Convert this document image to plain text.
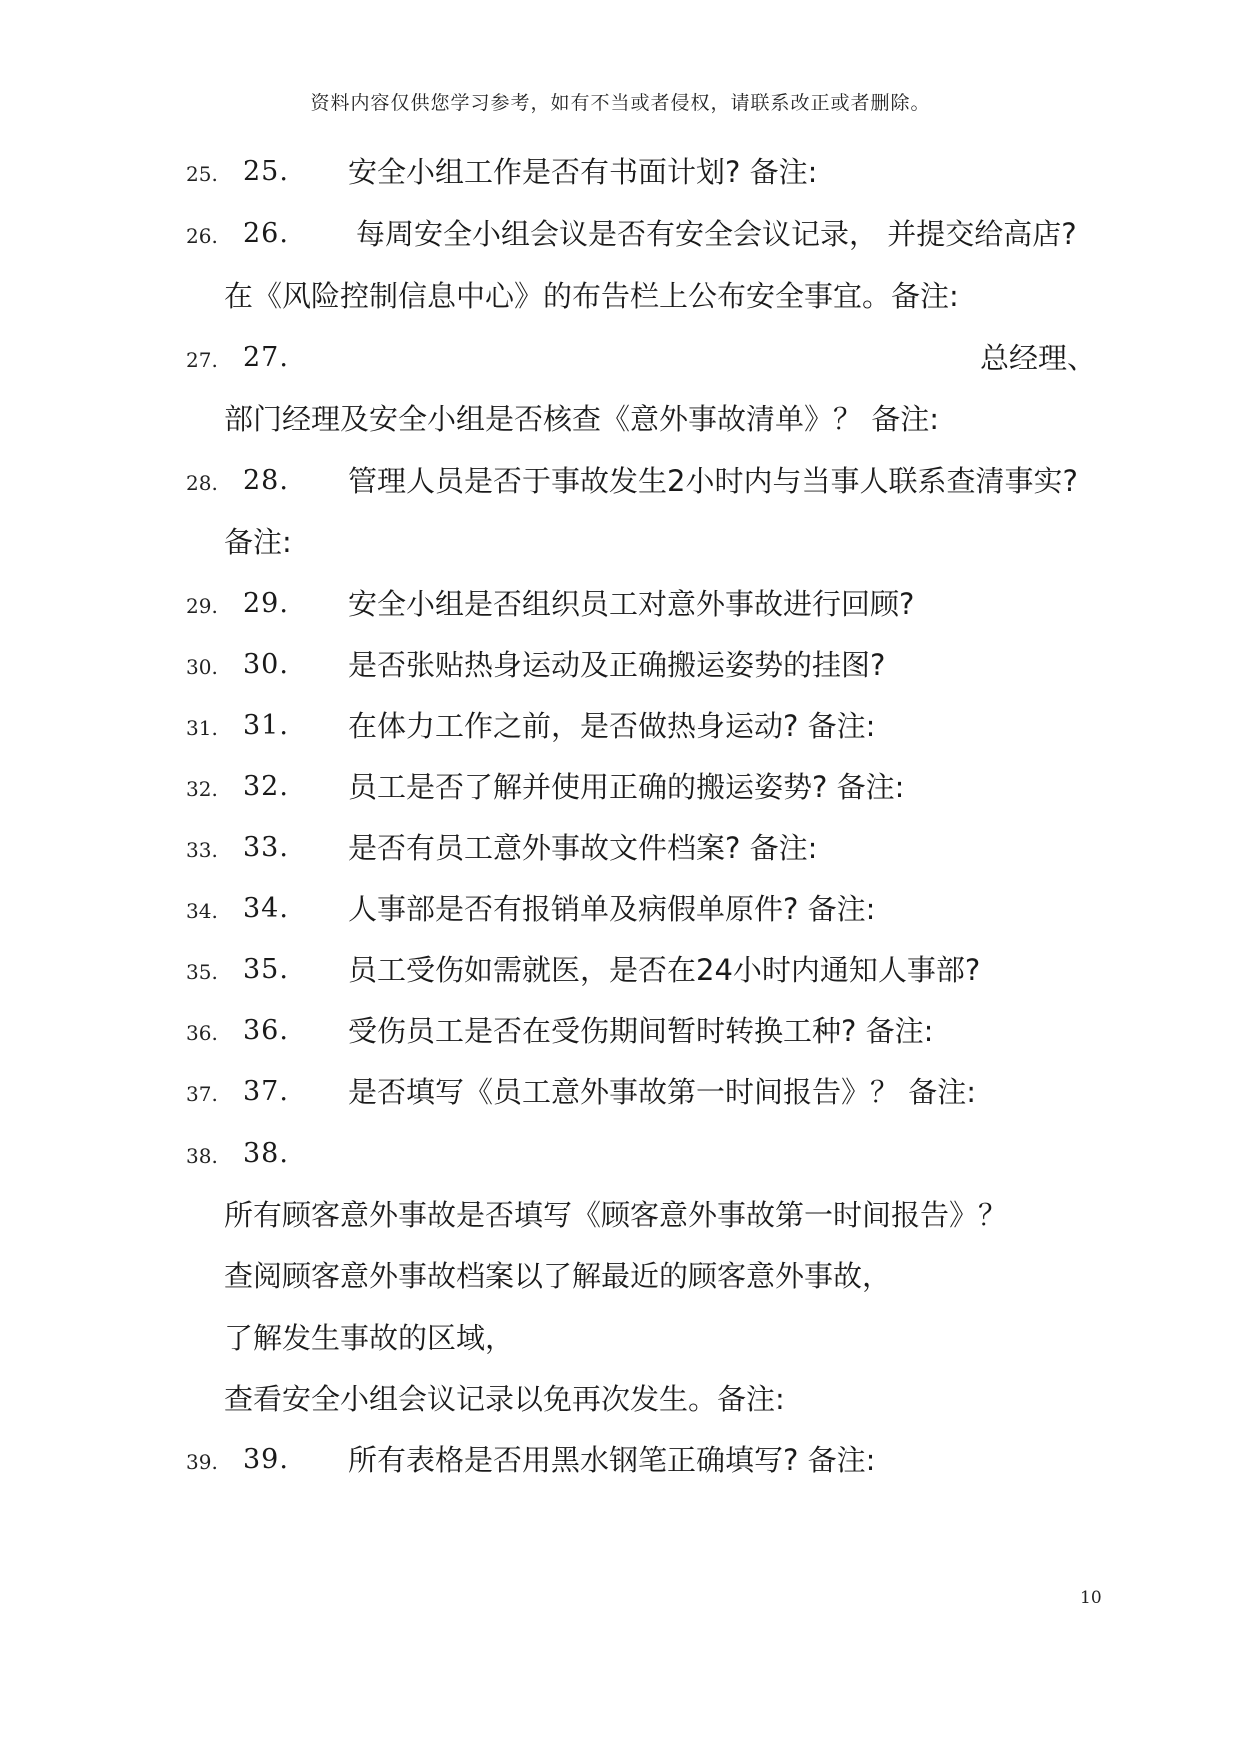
资料内容仅供您学习参考，如有不当或者侵权，请联系改正或者删除。
25. 25. 安全小组工作是否有书面计划? 备注:
26. 26. 每周安全小组会议是否有安全会议记录， 并提交给高店?
在《风险控制信息中心》的布告栏上公布安全事宜。备注:
27. 27.	总经理、
部门经理及安全小组是否核查《意外事故清单》？ 备注:
28. 28. 管理人员是否于事故发生2小时内与当事人联系查清事实?
备注:
29. 29. 安全小组是否组织员工对意外事故进行回顾?
30. 30. 是否张贴热身运动及正确搬运姿势的挂图?
31. 31. 在体力工作之前，是否做热身运动? 备注:
32. 32. 员工是否了解并使用正确的搬运姿势? 备注:
33. 33. 是否有员工意外事故文件档案? 备注:
34. 34. 人事部是否有报销单及病假单原件? 备注:
35. 35. 员工受伤如需就医，是否在24小时内通知人事部?
36. 36. 受伤员工是否在受伤期间暂时转换工种? 备注:
37. 37. 是否填写《员工意外事故第一时间报告》？ 备注:
38. 38.
所有顾客意外事故是否填写《顾客意外事故第一时间报告》？
查阅顾客意外事故档案以了解最近的顾客意外事故，
了解发生事故的区域，
查看安全小组会议记录以免再次发生。备注:
39. 39. 所有表格是否用黑水钢笔正确填写? 备注:
10
